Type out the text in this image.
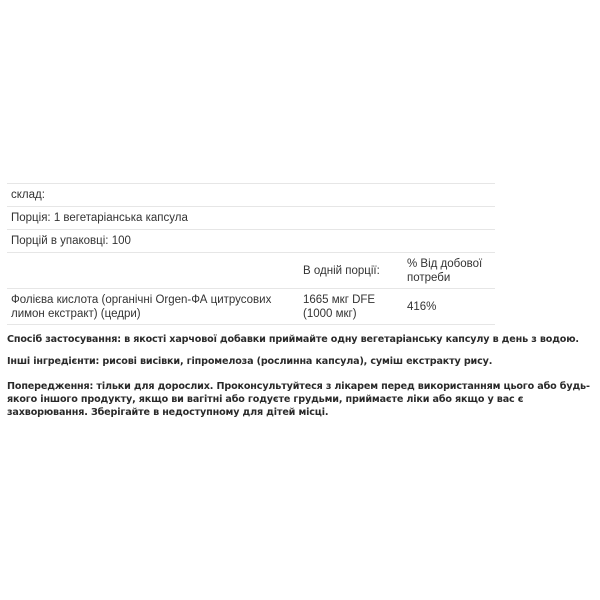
склад:		
Порція: 1 вегетаріанська капсула		
Порцій в упаковці: 100		
	В одній порції:	% Від добової потреби
Фолієва кислота (органічні Orgen-ФА цитрусових лимон екстракт) (цедри)	1665 мкг DFE (1000 мкг)	416%

Спосіб застосування: в якості харчової добавки приймайте одну вегетаріанську капсулу в день з водою.

Інші інгредієнти: рисові висівки, гіпромелоза (рослинна капсула), суміш екстракту рису.

Попередження: тільки для дорослих. Проконсультуйтеся з лікарем перед використанням цього або будь-якого іншого продукту, якщо ви вагітні або годуєте грудьми, приймаєте ліки або якщо у вас є захворювання. Зберігайте в недоступному для дітей місці.
